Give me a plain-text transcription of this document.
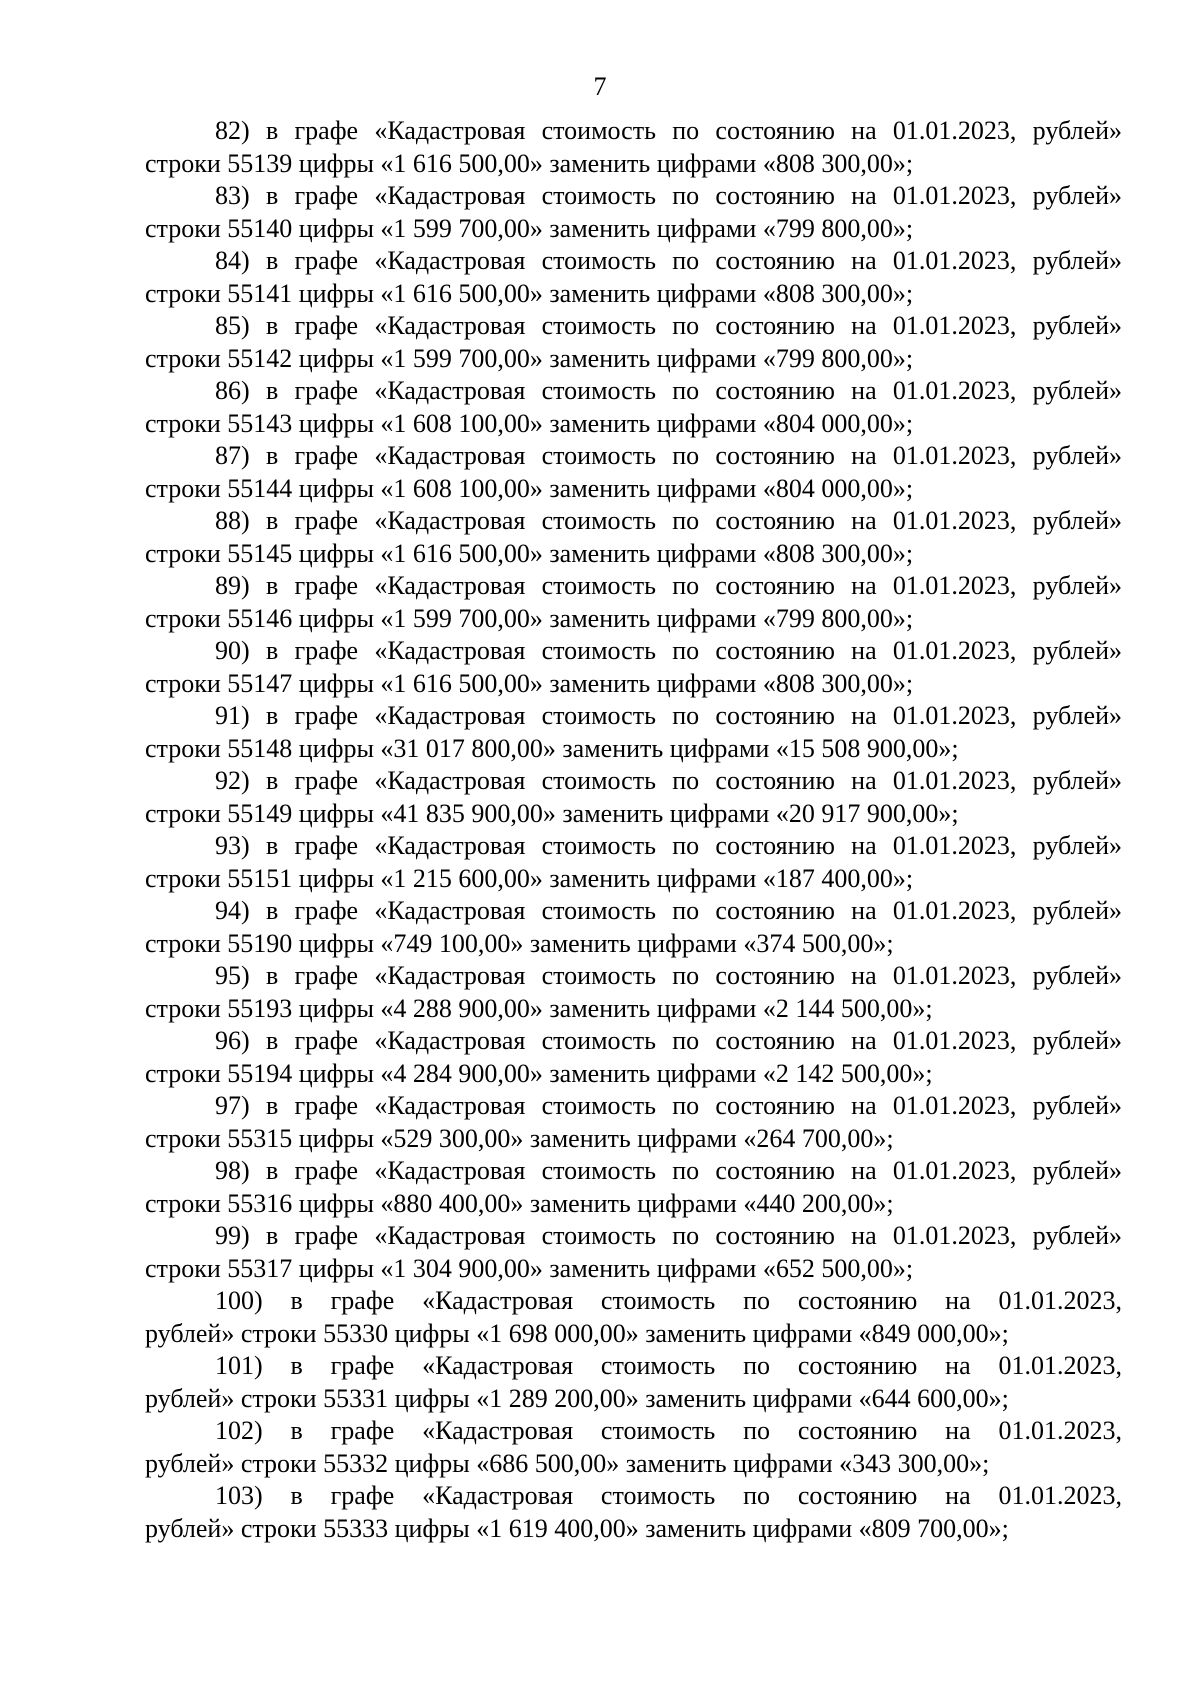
7
82) в графе «Кадастровая стоимость по состоянию на 01.01.2023, рублей»
строки 55139 цифры «1 616 500,00» заменить цифрами «808 300,00»;
83) в графе «Кадастровая стоимость по состоянию на 01.01.2023, рублей»
строки 55140 цифры «1 599 700,00» заменить цифрами «799 800,00»;
84) в графе «Кадастровая стоимость по состоянию на 01.01.2023, рублей»
строки 55141 цифры «1 616 500,00» заменить цифрами «808 300,00»;
85) в графе «Кадастровая стоимость по состоянию на 01.01.2023, рублей»
строки 55142 цифры «1 599 700,00» заменить цифрами «799 800,00»;
86) в графе «Кадастровая стоимость по состоянию на 01.01.2023, рублей»
строки 55143 цифры «1 608 100,00» заменить цифрами «804 000,00»;
87) в графе «Кадастровая стоимость по состоянию на 01.01.2023, рублей»
строки 55144 цифры «1 608 100,00» заменить цифрами «804 000,00»;
88) в графе «Кадастровая стоимость по состоянию на 01.01.2023, рублей»
строки 55145 цифры «1 616 500,00» заменить цифрами «808 300,00»;
89) в графе «Кадастровая стоимость по состоянию на 01.01.2023, рублей»
строки 55146 цифры «1 599 700,00» заменить цифрами «799 800,00»;
90) в графе «Кадастровая стоимость по состоянию на 01.01.2023, рублей»
строки 55147 цифры «1 616 500,00» заменить цифрами «808 300,00»;
91) в графе «Кадастровая стоимость по состоянию на 01.01.2023, рублей»
строки 55148 цифры «31 017 800,00» заменить цифрами «15 508 900,00»;
92) в графе «Кадастровая стоимость по состоянию на 01.01.2023, рублей»
строки 55149 цифры «41 835 900,00» заменить цифрами «20 917 900,00»;
93) в графе «Кадастровая стоимость по состоянию на 01.01.2023, рублей»
строки 55151 цифры «1 215 600,00» заменить цифрами «187 400,00»;
94) в графе «Кадастровая стоимость по состоянию на 01.01.2023, рублей»
строки 55190 цифры «749 100,00» заменить цифрами «374 500,00»;
95) в графе «Кадастровая стоимость по состоянию на 01.01.2023, рублей»
строки 55193 цифры «4 288 900,00» заменить цифрами «2 144 500,00»;
96) в графе «Кадастровая стоимость по состоянию на 01.01.2023, рублей»
строки 55194 цифры «4 284 900,00» заменить цифрами «2 142 500,00»;
97) в графе «Кадастровая стоимость по состоянию на 01.01.2023, рублей»
строки 55315 цифры «529 300,00» заменить цифрами «264 700,00»;
98) в графе «Кадастровая стоимость по состоянию на 01.01.2023, рублей»
строки 55316 цифры «880 400,00» заменить цифрами «440 200,00»;
99) в графе «Кадастровая стоимость по состоянию на 01.01.2023, рублей»
строки 55317 цифры «1 304 900,00» заменить цифрами «652 500,00»;
100) в графе «Кадастровая стоимость по состоянию на 01.01.2023,
рублей» строки 55330 цифры «1 698 000,00» заменить цифрами «849 000,00»;
101) в графе «Кадастровая стоимость по состоянию на 01.01.2023,
рублей» строки 55331 цифры «1 289 200,00» заменить цифрами «644 600,00»;
102) в графе «Кадастровая стоимость по состоянию на 01.01.2023,
рублей» строки 55332 цифры «686 500,00» заменить цифрами «343 300,00»;
103) в графе «Кадастровая стоимость по состоянию на 01.01.2023,
рублей» строки 55333 цифры «1 619 400,00» заменить цифрами «809 700,00»;
